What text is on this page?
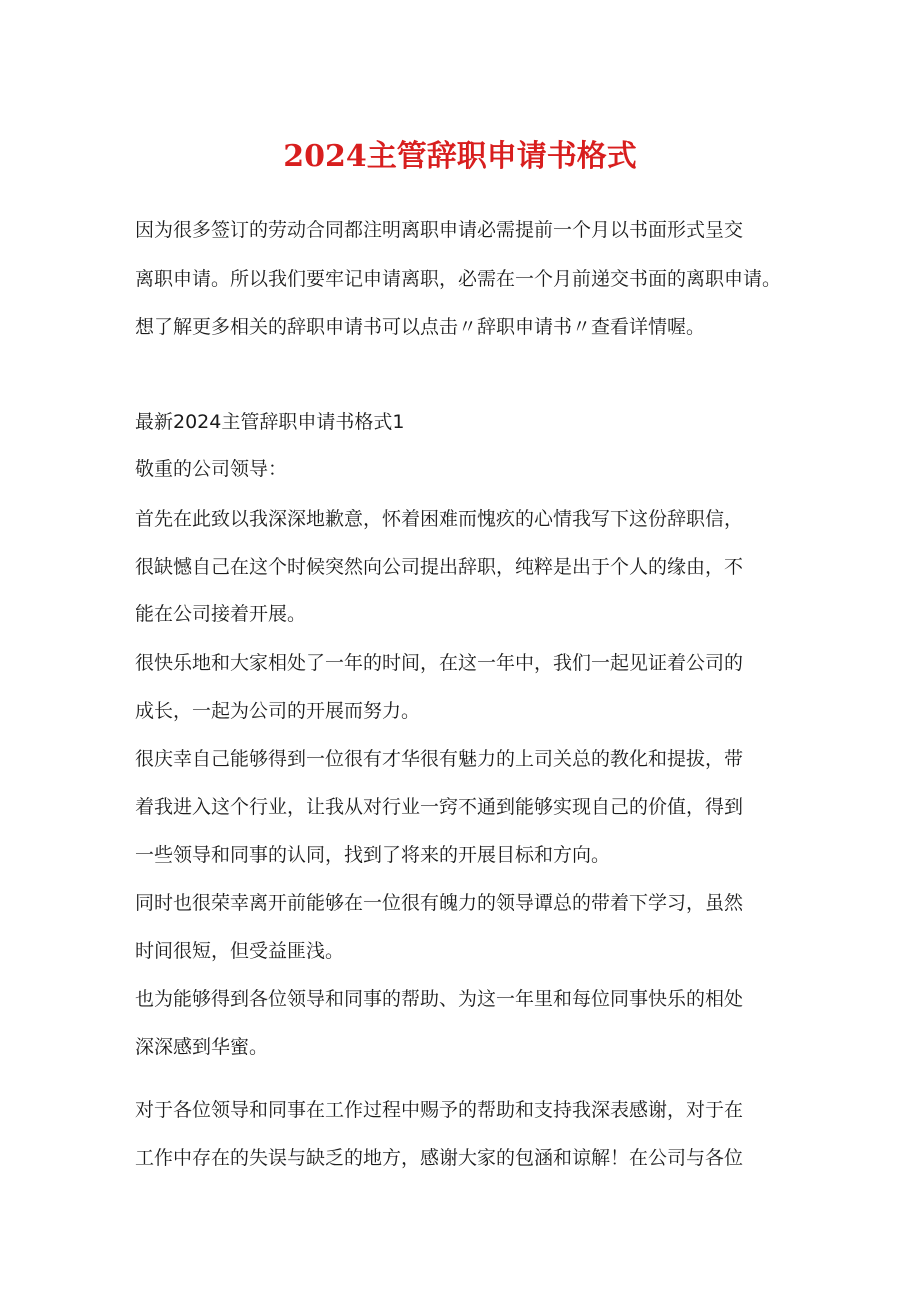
2024主管辞职申请书格式

因为很多签订的劳动合同都注明离职申请必需提前一个月以书面形式呈交

离职申请。所以我们要牢记申请离职，必需在一个月前递交书面的离职申请。

想了解更多相关的辞职申请书可以点击〃辞职申请书〃查看详情喔。

最新2024主管辞职申请书格式1

敬重的公司领导：

首先在此致以我深深地歉意，怀着困难而愧疚的心情我写下这份辞职信，

很缺憾自己在这个时候突然向公司提出辞职，纯粹是出于个人的缘由，不

能在公司接着开展。

很快乐地和大家相处了一年的时间，在这一年中，我们一起见证着公司的

成长，一起为公司的开展而努力。

很庆幸自己能够得到一位很有才华很有魅力的上司关总的教化和提拔，带

着我进入这个行业，让我从对行业一窍不通到能够实现自己的价值，得到

一些领导和同事的认同，找到了将来的开展目标和方向。

同时也很荣幸离开前能够在一位很有魄力的领导谭总的带着下学习，虽然

时间很短，但受益匪浅。

也为能够得到各位领导和同事的帮助、为这一年里和每位同事快乐的相处

深深感到华蜜。

对于各位领导和同事在工作过程中赐予的帮助和支持我深表感谢，对于在

工作中存在的失误与缺乏的地方，感谢大家的包涵和谅解！在公司与各位
